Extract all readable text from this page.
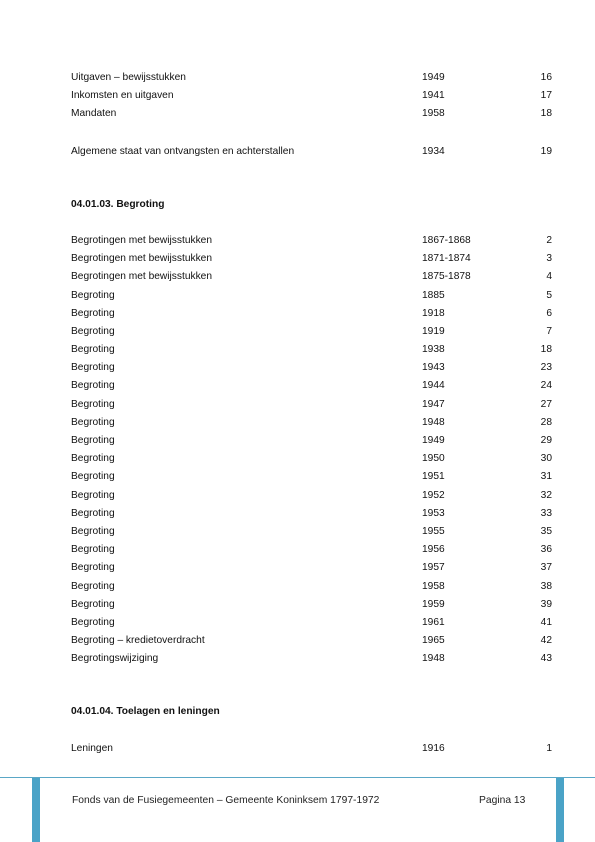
Uitgaven – bewijsstukken	1949	16
Inkomsten en uitgaven	1941	17
Mandaten	1958	18
Algemene staat van ontvangsten en achterstallen	1934	19
04.01.03. Begroting
Begrotingen met bewijsstukken	1867-1868	2
Begrotingen met bewijsstukken	1871-1874	3
Begrotingen met bewijsstukken	1875-1878	4
Begroting	1885	5
Begroting	1918	6
Begroting	1919	7
Begroting	1938	18
Begroting	1943	23
Begroting	1944	24
Begroting	1947	27
Begroting	1948	28
Begroting	1949	29
Begroting	1950	30
Begroting	1951	31
Begroting	1952	32
Begroting	1953	33
Begroting	1955	35
Begroting	1956	36
Begroting	1957	37
Begroting	1958	38
Begroting	1959	39
Begroting	1961	41
Begroting – kredietoverdracht	1965	42
Begrotingswijziging	1948	43
04.01.04. Toelagen en leningen
Leningen	1916	1
Fonds van de Fusiegemeenten – Gemeente Koninksem 1797-1972	Pagina 13
